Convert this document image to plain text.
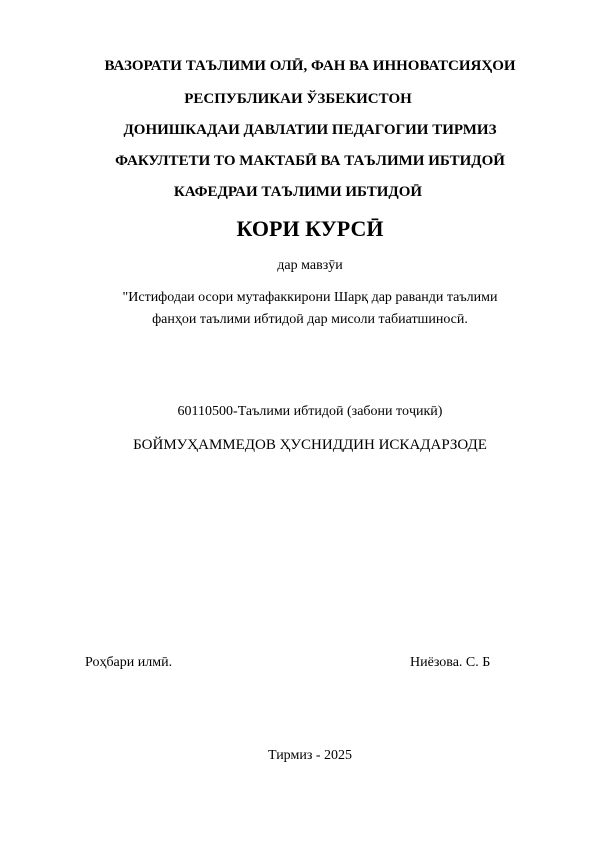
ВАЗОРАТИ ТАЪЛИМИ ОЛӢ, ФАН ВА ИННОВАТСИЯҲОИ
РЕСПУБЛИКАИ ЎЗБЕКИСТОН
ДОНИШКАДАИ ДАВЛАТИИ ПЕДАГОГИИ ТИРМИЗ
ФАКУЛТЕТИ ТО МАКТАБӢ ВА ТАЪЛИМИ ИБТИДОӢ
КАФЕДРАИ ТАЪЛИМИ ИБТИДОӢ
КОРИ КУРСӢ
дар мавзӯи
"Истифодаи осори мутафаккирони Шарқ дар раванди таълими
фанҳои таълими ибтидоӣ дар мисоли табиатшиносӣ.
60110500-Таълими ибтидоӣ (забони тоҷикӣ)
БОЙМУҲАММЕДОВ ҲУСНИДДИН ИСКАДАРЗОДЕ
Роҳбари илмӣ.	Ниёзова. С. Б
Тирмиз - 2025
